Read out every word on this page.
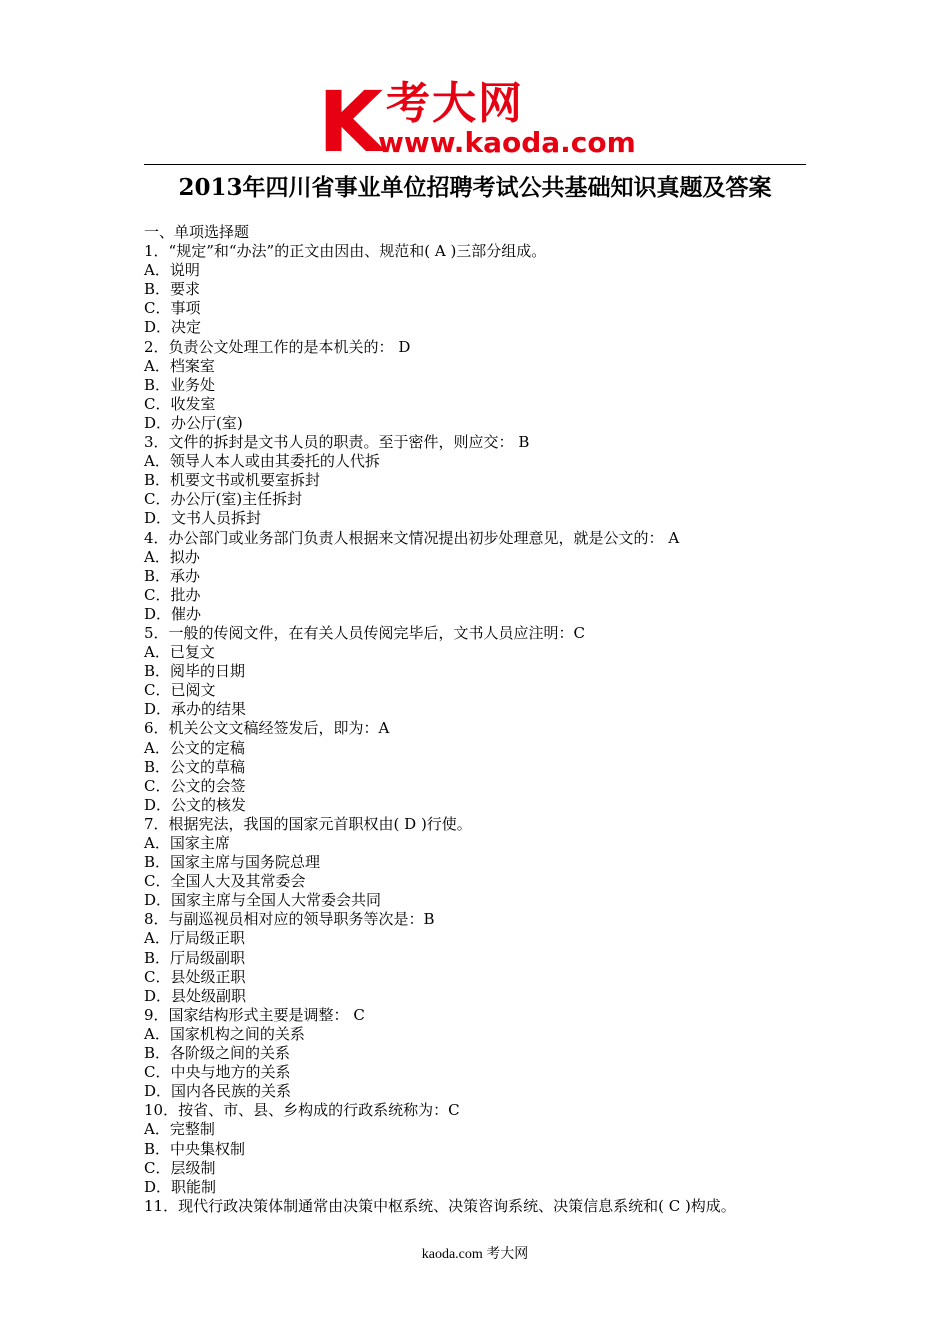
K 考大网
www.kaoda.com
2013年四川省事业单位招聘考试公共基础知识真题及答案
一、单项选择题
1．“规定”和“办法”的正文由因由、规范和( A )三部分组成。
A．说明
B．要求
C．事项
D．决定
2．负责公文处理工作的是本机关的： D
A．档案室
B．业务处
C．收发室
D．办公厅(室)
3．文件的拆封是文书人员的职责。至于密件，则应交： B
A．领导人本人或由其委托的人代拆
B．机要文书或机要室拆封
C．办公厅(室)主任拆封
D．文书人员拆封
4．办公部门或业务部门负责人根据来文情况提出初步处理意见，就是公文的： A
A．拟办
B．承办
C．批办
D．催办
5．一般的传阅文件，在有关人员传阅完毕后，文书人员应注明：C
A．已复文
B．阅毕的日期
C．已阅文
D．承办的结果
6．机关公文文稿经签发后，即为：A
A．公文的定稿
B．公文的草稿
C．公文的会签
D．公文的核发
7．根据宪法，我国的国家元首职权由( D )行使。
A．国家主席
B．国家主席与国务院总理
C．全国人大及其常委会
D．国家主席与全国人大常委会共同
8．与副巡视员相对应的领导职务等次是：B
A．厅局级正职
B．厅局级副职
C．县处级正职
D．县处级副职
9．国家结构形式主要是调整： C
A．国家机构之间的关系
B．各阶级之间的关系
C．中央与地方的关系
D．国内各民族的关系
10．按省、市、县、乡构成的行政系统称为：C
A．完整制
B．中央集权制
C．层级制
D．职能制
11．现代行政决策体制通常由决策中枢系统、决策咨询系统、决策信息系统和( C )构成。
kaoda.com 考大网
